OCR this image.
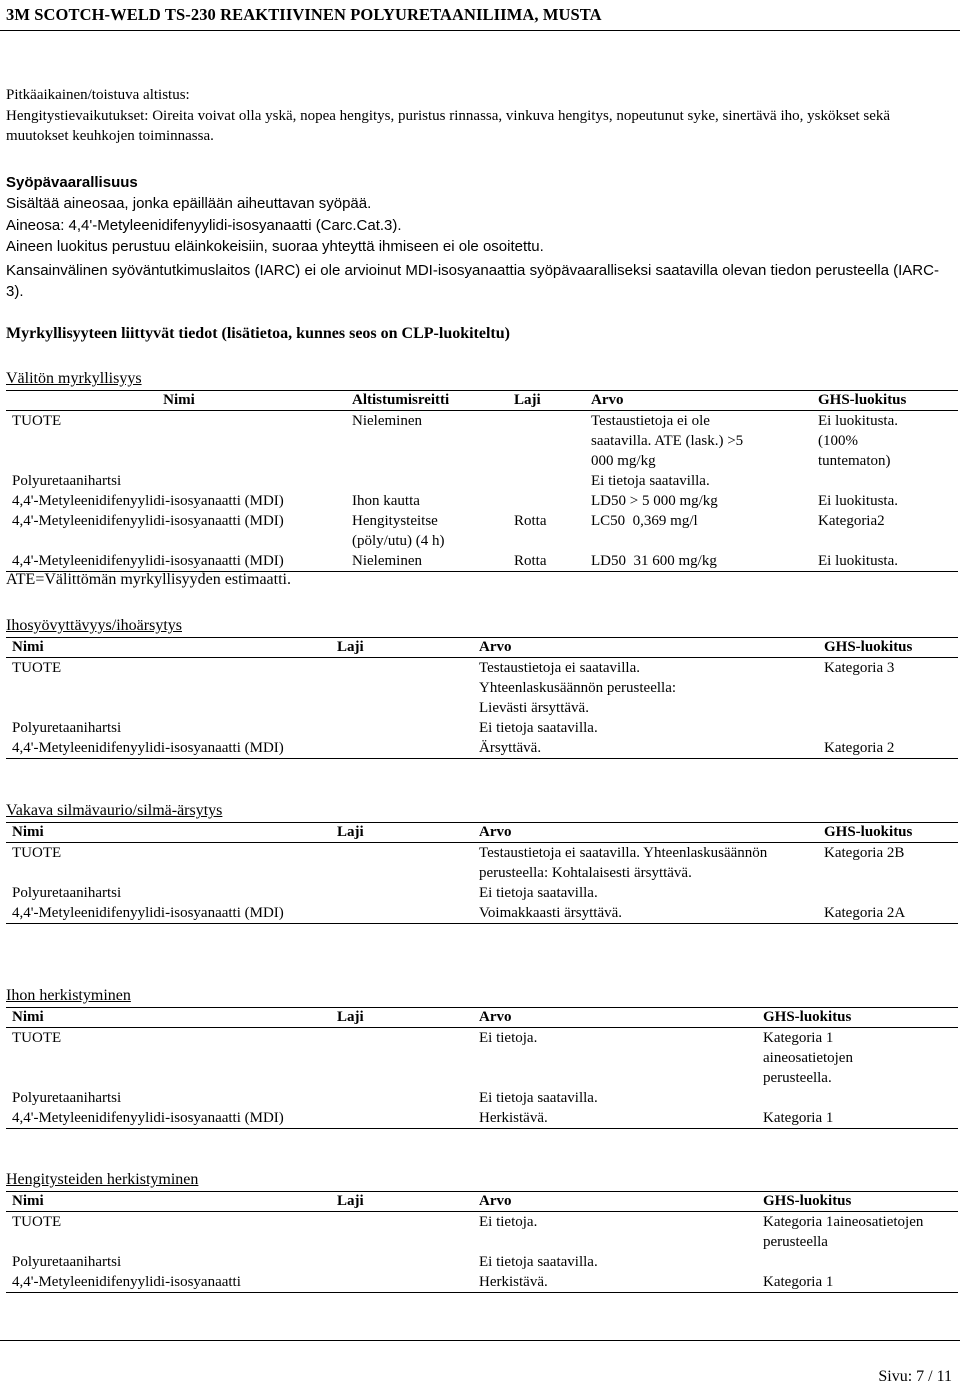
3M SCOTCH-WELD TS-230 REAKTIIVINEN POLYURETAANILIIMA, MUSTA
Pitkäaikainen/toistuva altistus:
Hengitystievaikutukset: Oireita voivat olla yskä, nopea hengitys, puristus rinnassa, vinkuva hengitys, nopeutunut syke, sinertävä iho, yskökset sekä muutokset keuhkojen toiminnassa.
Syöpävaarallisuus
Sisältää aineosaa, jonka epäillään aiheuttavan syöpää.
Aineosa: 4,4'-Metyleenidifenyylidi-isosyanaatti (Carc.Cat.3).
Aineen luokitus perustuu eläinkokeisiin, suoraa yhteyttä ihmiseen ei ole osoitettu.
Kansainvälinen syöväntutkimuslaitos (IARC) ei ole arvioinut MDI-isosyanaattia syöpävaaralliseksi saatavilla olevan tiedon perusteella (IARC- 3).
Myrkyllisyyteen liittyvät tiedot (lisätietoa, kunnes seos on CLP-luokiteltu)
Välitön myrkyllisyys
Nimi	Altistumisreitti	Laji	Arvo	GHS-luokitus
TUOTE	Nieleminen		Testaustietoja ei ole saatavilla. ATE (lask.) >5 000 mg/kg	Ei luokitusta. (100% tuntematon)
Polyuretaanihartsi			Ei tietoja saatavilla.	
4,4'-Metyleenidifenyylidi-isosyanaatti (MDI)	Ihon kautta		LD50 > 5 000 mg/kg	Ei luokitusta.
4,4'-Metyleenidifenyylidi-isosyanaatti (MDI)	Hengitysteitse (pöly/utu) (4 h)	Rotta	LC50  0,369 mg/l	Kategoria2
4,4'-Metyleenidifenyylidi-isosyanaatti (MDI)	Nieleminen	Rotta	LD50  31 600 mg/kg	Ei luokitusta.
ATE=Välittömän myrkyllisyyden estimaatti.
Ihosyövyttävyys/ihoärsytys
Nimi	Laji	Arvo	GHS-luokitus
TUOTE		Testaustietoja ei saatavilla. Yhteenlaskusäännön perusteella: Lievästi ärsyttävä.	Kategoria 3
Polyuretaanihartsi		Ei tietoja saatavilla.	
4,4'-Metyleenidifenyylidi-isosyanaatti (MDI)		Ärsyttävä.	Kategoria 2
Vakava silmävaurio/silmä-ärsytys
Nimi	Laji	Arvo	GHS-luokitus
TUOTE		Testaustietoja ei saatavilla. Yhteenlaskusäännön perusteella: Kohtalaisesti ärsyttävä.	Kategoria 2B
Polyuretaanihartsi		Ei tietoja saatavilla.	
4,4'-Metyleenidifenyylidi-isosyanaatti (MDI)		Voimakkaasti ärsyttävä.	Kategoria 2A
Ihon herkistyminen
Nimi	Laji	Arvo	GHS-luokitus
TUOTE		Ei tietoja.	Kategoria 1 aineosatietojen perusteella.
Polyuretaanihartsi		Ei tietoja saatavilla.	
4,4'-Metyleenidifenyylidi-isosyanaatti (MDI)		Herkistävä.	Kategoria 1
Hengitysteiden herkistyminen
Nimi	Laji	Arvo	GHS-luokitus
TUOTE		Ei tietoja.	Kategoria 1aineosatietojen perusteella
Polyuretaanihartsi		Ei tietoja saatavilla.	
4,4'-Metyleenidifenyylidi-isosyanaatti		Herkistävä.	Kategoria 1
Sivu: 7 / 11
